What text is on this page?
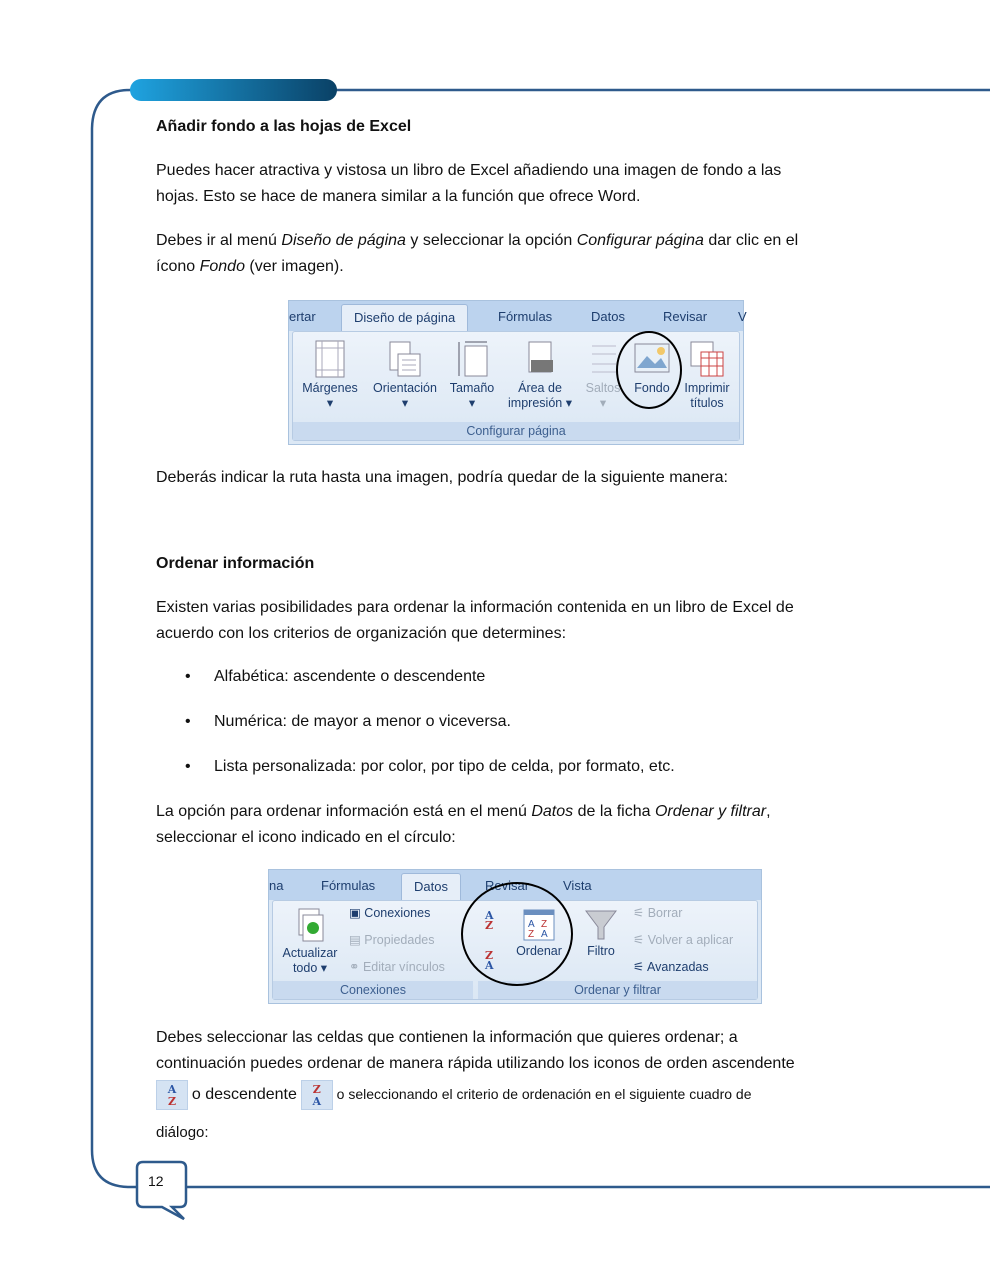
12
Añadir fondo a las hojas de Excel
Puedes hacer atractiva y vistosa un libro de Excel añadiendo una imagen de fondo a las
hojas. Esto se hace de manera similar a la función que ofrece Word.
Debes ir al menú Diseño de página y seleccionar la opción Configurar página dar clic en el
ícono Fondo (ver imagen).
ertar	Diseño de página	Fórmulas	Datos	Revisar V
Márgenes
▾
Orientación
▾
Tamaño
▾
Área de
impresión ▾
Saltos
▾
Fondo	Imprimir
títulos
Configurar página
Deberás indicar la ruta hasta una imagen, podría quedar de la siguiente manera:
Ordenar información
Existen varias posibilidades para ordenar la información contenida en un libro de Excel de
acuerdo con los criterios de organización que determines:
• Alfabética: ascendente o descendente
• Numérica: de mayor a menor o viceversa.
• Lista personalizada: por color, por tipo de celda, por formato, etc.
La opción para ordenar información está en el menú Datos de la ficha Ordenar y filtrar,
seleccionar el icono indicado en el círculo:
na	Fórmulas	Datos	Revisar	Vista
Actualizar
todo ▾
▣ Conexiones
▤ Propiedades
⚭ Editar vínculos
Conexiones
A
Z
Z
A
A Z
Z A
Ordenar	Filtro
⚟ Borrar
⚟ Volver a aplicar
⚟ Avanzadas
Ordenar y filtrar
Debes seleccionar las celdas que contienen la información que quieres ordenar; a
continuación puedes ordenar de manera rápida utilizando los iconos de orden ascendente
A
Z o descendente Z
A o seleccionando el criterio de ordenación en el siguiente cuadro de
diálogo:
